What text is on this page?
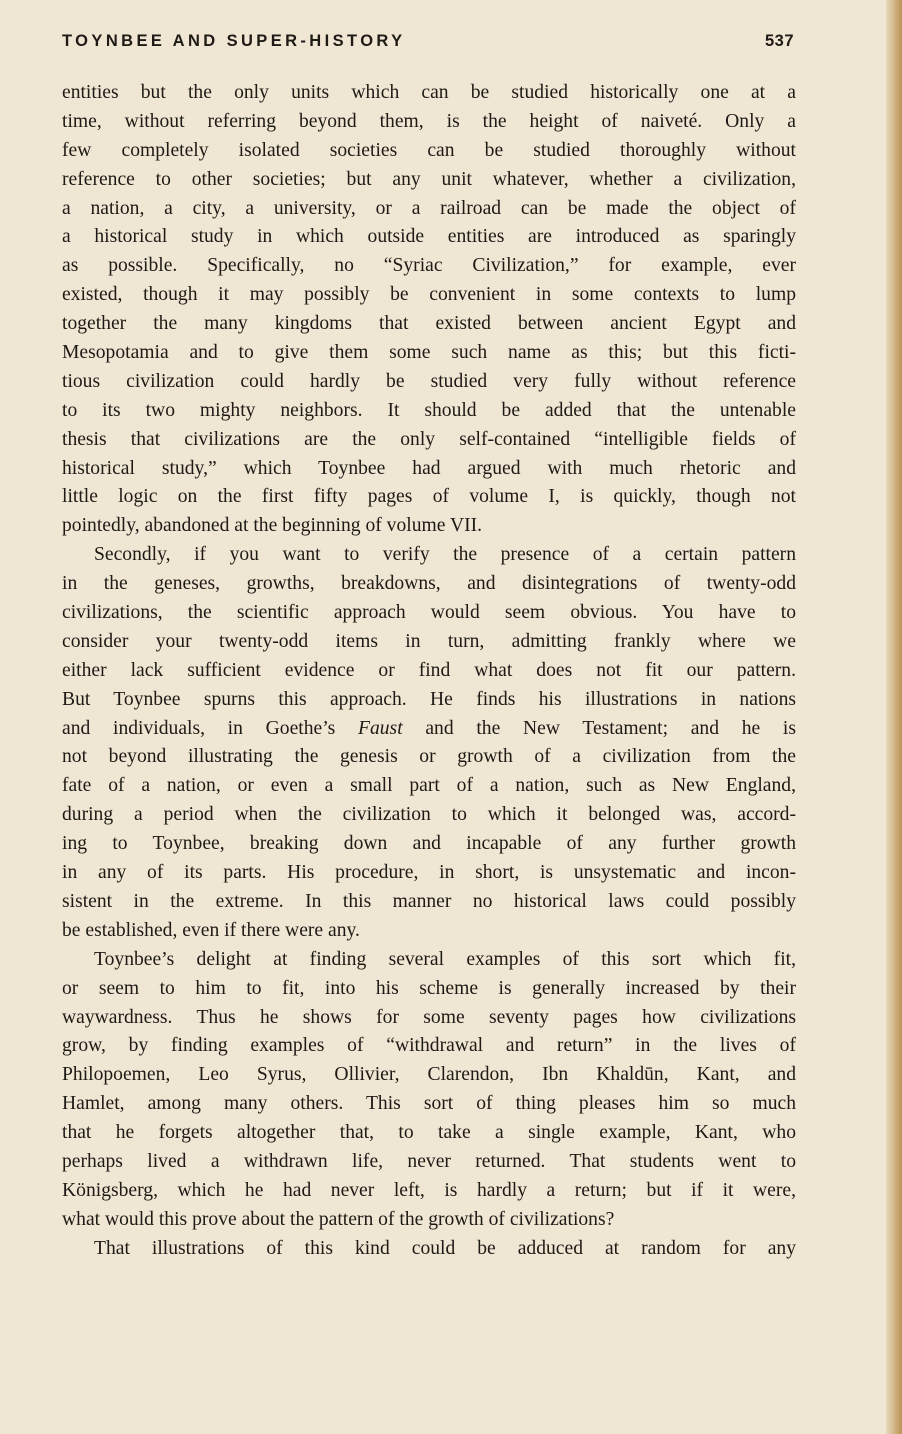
TOYNBEE AND SUPER-HISTORY	537
entities but the only units which can be studied historically one at a
time, without referring beyond them, is the height of naiveté. Only a
few completely isolated societies can be studied thoroughly without
reference to other societies; but any unit whatever, whether a civilization,
a nation, a city, a university, or a railroad can be made the object of
a historical study in which outside entities are introduced as sparingly
as possible. Specifically, no “Syriac Civilization,” for example, ever
existed, though it may possibly be convenient in some contexts to lump
together the many kingdoms that existed between ancient Egypt and
Mesopotamia and to give them some such name as this; but this ficti-
tious civilization could hardly be studied very fully without reference
to its two mighty neighbors. It should be added that the untenable
thesis that civilizations are the only self-contained “intelligible fields of
historical study,” which Toynbee had argued with much rhetoric and
little logic on the first fifty pages of volume I, is quickly, though not
pointedly, abandoned at the beginning of volume VII.
Secondly, if you want to verify the presence of a certain pattern
in the geneses, growths, breakdowns, and disintegrations of twenty-odd
civilizations, the scientific approach would seem obvious. You have to
consider your twenty-odd items in turn, admitting frankly where we
either lack sufficient evidence or find what does not fit our pattern.
But Toynbee spurns this approach. He finds his illustrations in nations
and individuals, in Goethe’s Faust and the New Testament; and he is
not beyond illustrating the genesis or growth of a civilization from the
fate of a nation, or even a small part of a nation, such as New England,
during a period when the civilization to which it belonged was, accord-
ing to Toynbee, breaking down and incapable of any further growth
in any of its parts. His procedure, in short, is unsystematic and incon-
sistent in the extreme. In this manner no historical laws could possibly
be established, even if there were any.
Toynbee’s delight at finding several examples of this sort which fit,
or seem to him to fit, into his scheme is generally increased by their
waywardness. Thus he shows for some seventy pages how civilizations
grow, by finding examples of “withdrawal and return” in the lives of
Philopoemen, Leo Syrus, Ollivier, Clarendon, Ibn Khaldūn, Kant, and
Hamlet, among many others. This sort of thing pleases him so much
that he forgets altogether that, to take a single example, Kant, who
perhaps lived a withdrawn life, never returned. That students went to
Königsberg, which he had never left, is hardly a return; but if it were,
what would this prove about the pattern of the growth of civilizations?
That illustrations of this kind could be adduced at random for any
